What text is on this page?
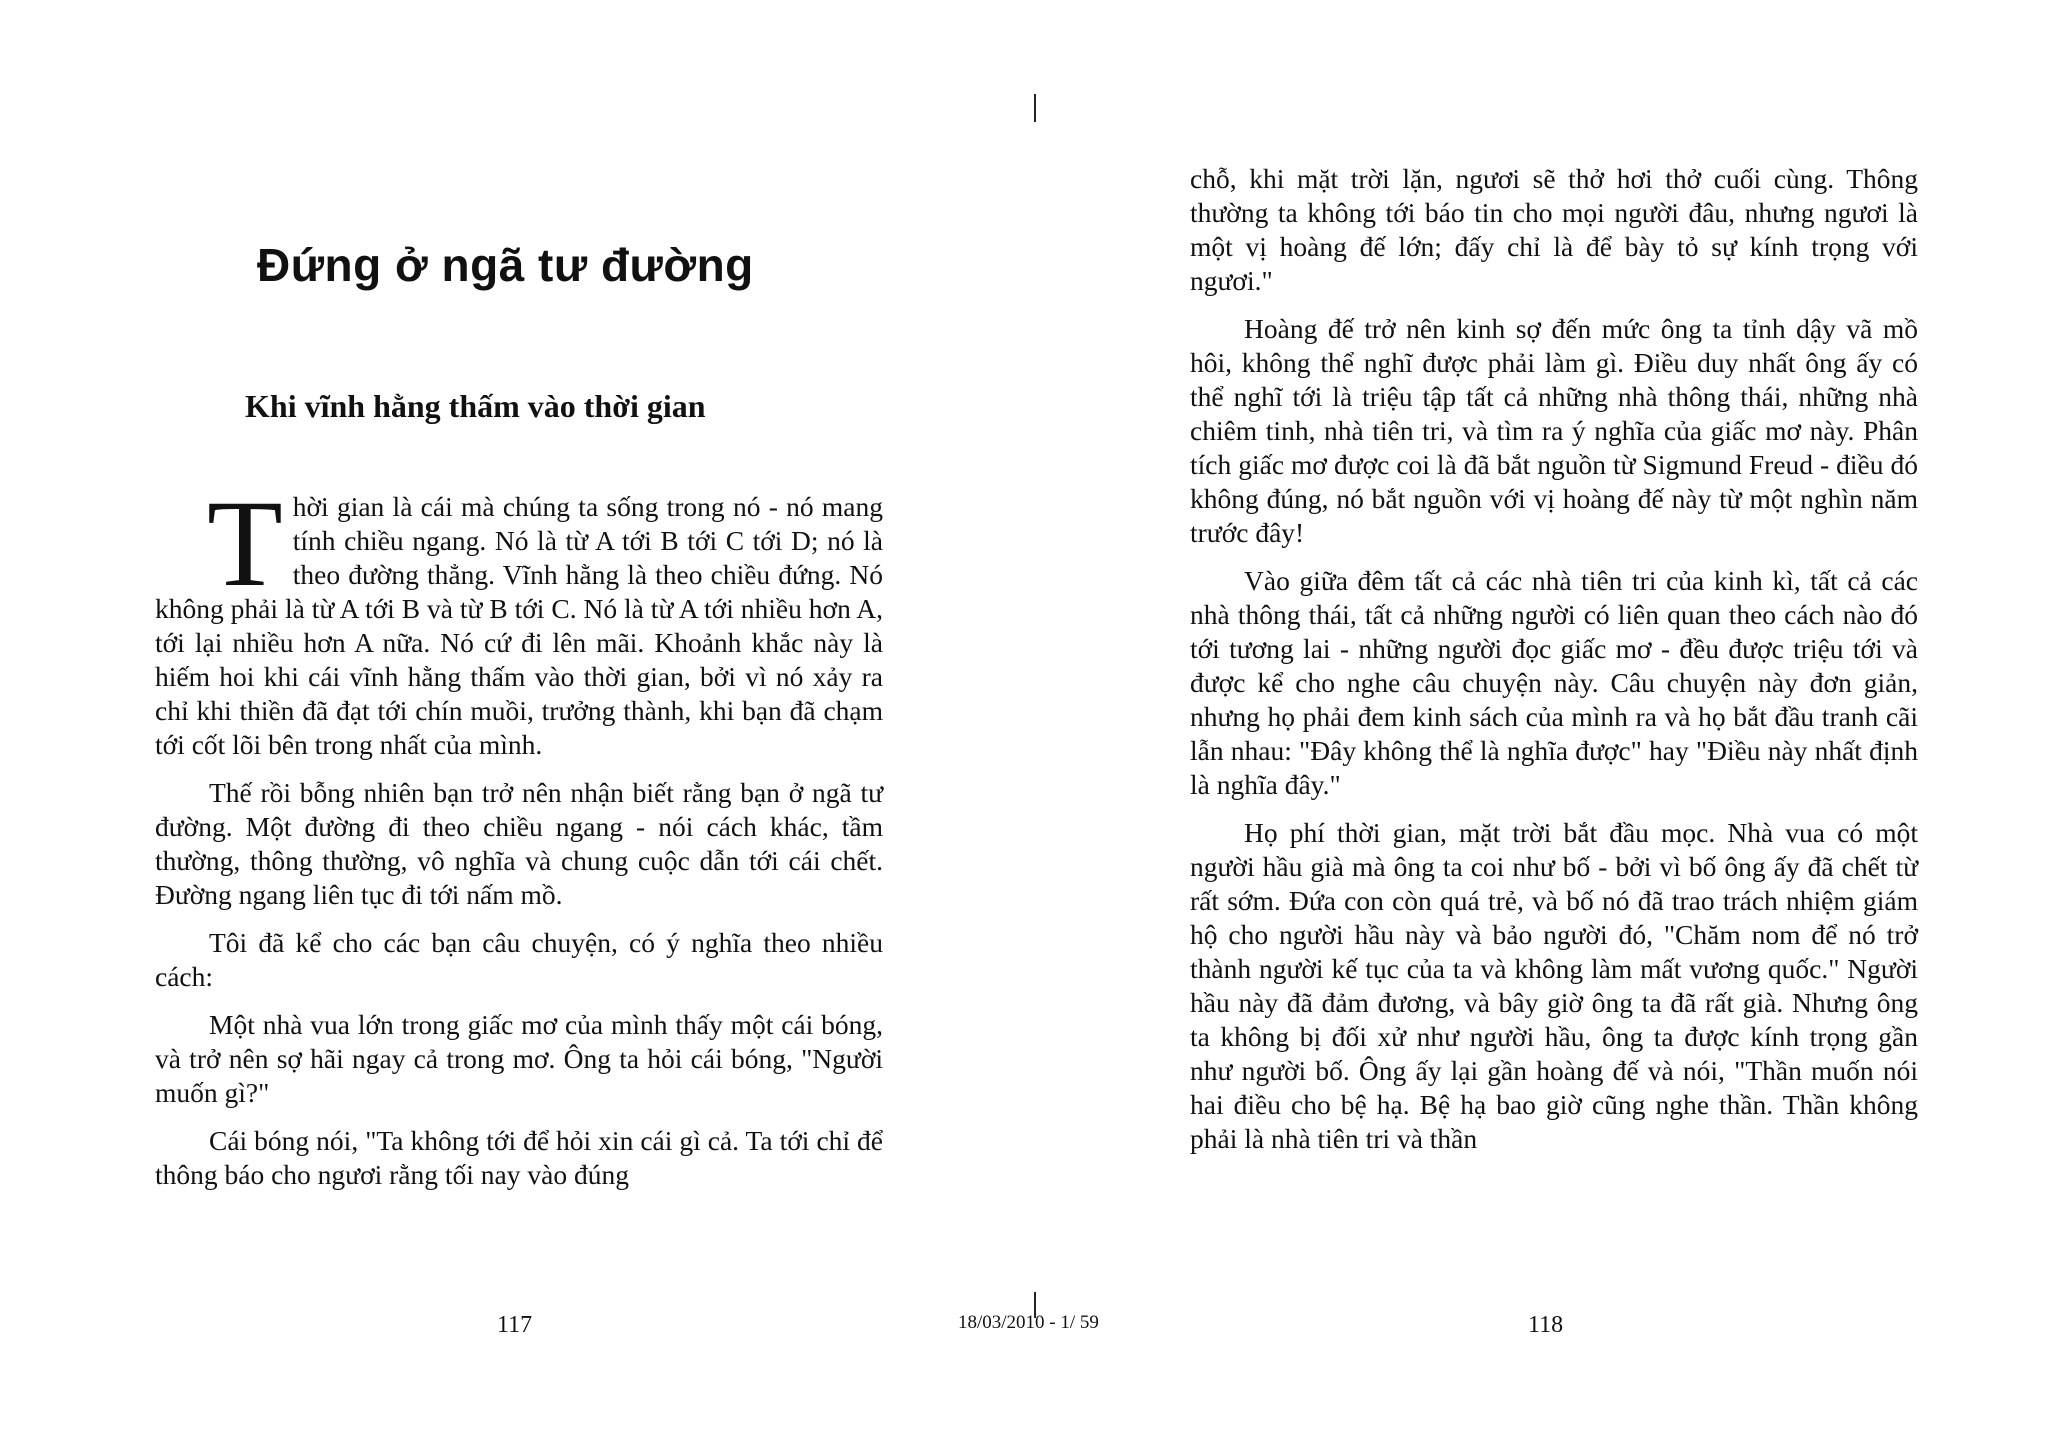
Đứng ở ngã tư đường
Khi vĩnh hằng thấm vào thời gian

Thời gian là cái mà chúng ta sống trong nó - nó mang tính chiều ngang. Nó là từ A tới B tới C tới D; nó là theo đường thẳng. Vĩnh hằng là theo chiều đứng. Nó không phải là từ A tới B và từ B tới C. Nó là từ A tới nhiều hơn A, tới lại nhiều hơn A nữa. Nó cứ đi lên mãi. Khoảnh khắc này là hiếm hoi khi cái vĩnh hằng thấm vào thời gian, bởi vì nó xảy ra chỉ khi thiền đã đạt tới chín muồi, trưởng thành, khi bạn đã chạm tới cốt lõi bên trong nhất của mình.

Thế rồi bỗng nhiên bạn trở nên nhận biết rằng bạn ở ngã tư đường. Một đường đi theo chiều ngang - nói cách khác, tầm thường, thông thường, vô nghĩa và chung cuộc dẫn tới cái chết. Đường ngang liên tục đi tới nấm mồ.

Tôi đã kể cho các bạn câu chuyện, có ý nghĩa theo nhiều cách:

Một nhà vua lớn trong giấc mơ của mình thấy một cái bóng, và trở nên sợ hãi ngay cả trong mơ. Ông ta hỏi cái bóng, "Người muốn gì?"

Cái bóng nói, "Ta không tới để hỏi xin cái gì cả. Ta tới chỉ để thông báo cho ngươi rằng tối nay vào đúng

117	18/03/2010 - 1/ 59

chỗ, khi mặt trời lặn, ngươi sẽ thở hơi thở cuối cùng. Thông thường ta không tới báo tin cho mọi người đâu, nhưng ngươi là một vị hoàng đế lớn; đấy chỉ là để bày tỏ sự kính trọng với ngươi."

Hoàng đế trở nên kinh sợ đến mức ông ta tỉnh dậy vã mồ hôi, không thể nghĩ được phải làm gì. Điều duy nhất ông ấy có thể nghĩ tới là triệu tập tất cả những nhà thông thái, những nhà chiêm tinh, nhà tiên tri, và tìm ra ý nghĩa của giấc mơ này. Phân tích giấc mơ được coi là đã bắt nguồn từ Sigmund Freud - điều đó không đúng, nó bắt nguồn với vị hoàng đế này từ một nghìn năm trước đây!

Vào giữa đêm tất cả các nhà tiên tri của kinh kì, tất cả các nhà thông thái, tất cả những người có liên quan theo cách nào đó tới tương lai - những người đọc giấc mơ - đều được triệu tới và được kể cho nghe câu chuyện này. Câu chuyện này đơn giản, nhưng họ phải đem kinh sách của mình ra và họ bắt đầu tranh cãi lẫn nhau: "Đây không thể là nghĩa được" hay "Điều này nhất định là nghĩa đây."

Họ phí thời gian, mặt trời bắt đầu mọc. Nhà vua có một người hầu già mà ông ta coi như bố - bởi vì bố ông ấy đã chết từ rất sớm. Đứa con còn quá trẻ, và bố nó đã trao trách nhiệm giám hộ cho người hầu này và bảo người đó, "Chăm nom để nó trở thành người kế tục của ta và không làm mất vương quốc." Người hầu này đã đảm đương, và bây giờ ông ta đã rất già. Nhưng ông ta không bị đối xử như người hầu, ông ta được kính trọng gần như người bố. Ông ấy lại gần hoàng đế và nói, "Thần muốn nói hai điều cho bệ hạ. Bệ hạ bao giờ cũng nghe thần. Thần không phải là nhà tiên tri và thần

118
